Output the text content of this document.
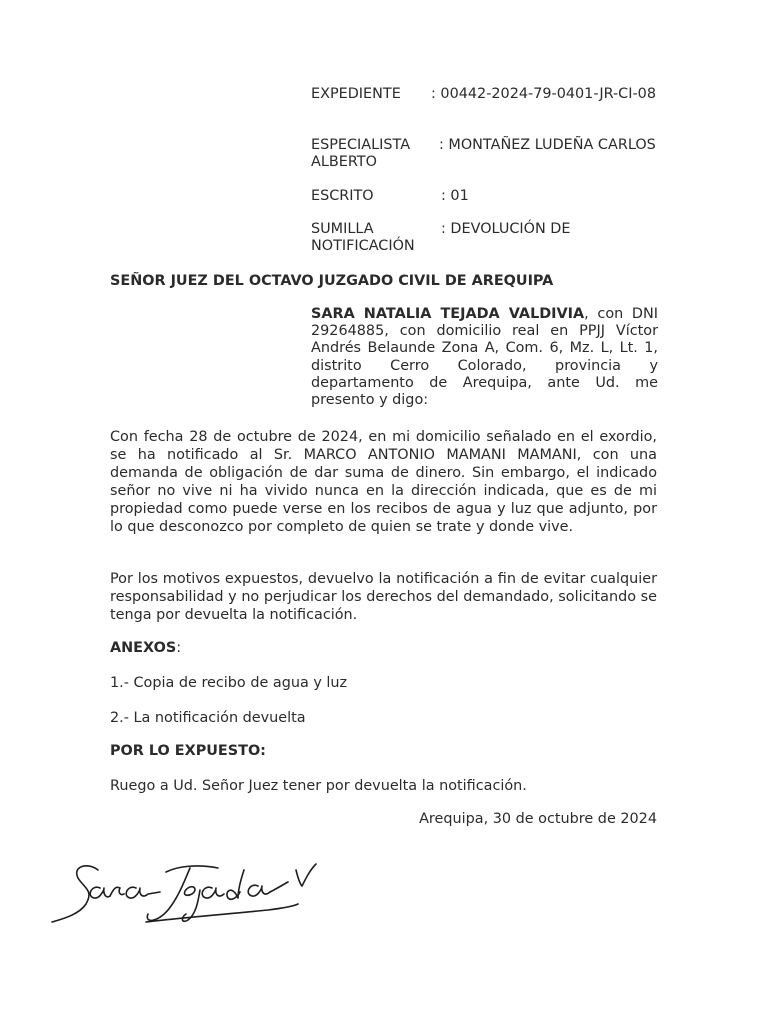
EXPEDIENTE : 00442-2024-79-0401-JR-CI-08
ESPECIALISTA : MONTAÑEZ LUDEÑA CARLOS ALBERTO
ESCRITO	: 01
SUMILLA	: DEVOLUCIÓN DE NOTIFICACIÓN
SEÑOR JUEZ DEL OCTAVO JUZGADO CIVIL DE AREQUIPA
SARA NATALIA TEJADA VALDIVIA, con DNI 29264885, con domicilio real en PPJJ Víctor Andrés Belaunde Zona A, Com. 6, Mz. L, Lt. 1, distrito Cerro Colorado, provincia y departamento de Arequipa, ante Ud. me presento y digo:
Con fecha 28 de octubre de 2024, en mi domicilio señalado en el exordio, se ha notificado al Sr. MARCO ANTONIO MAMANI MAMANI, con una demanda de obligación de dar suma de dinero. Sin embargo, el indicado señor no vive ni ha vivido nunca en la dirección indicada, que es de mi propiedad como puede verse en los recibos de agua y luz que adjunto, por lo que desconozco por completo de quien se trate y donde vive.
Por los motivos expuestos, devuelvo la notificación a fin de evitar cualquier responsabilidad y no perjudicar los derechos del demandado, solicitando se tenga por devuelta la notificación.
ANEXOS:
1.- Copia de recibo de agua y luz
2.- La notificación devuelta
POR LO EXPUESTO:
Ruego a Ud. Señor Juez tener por devuelta la notificación.
Arequipa, 30 de octubre de 2024
